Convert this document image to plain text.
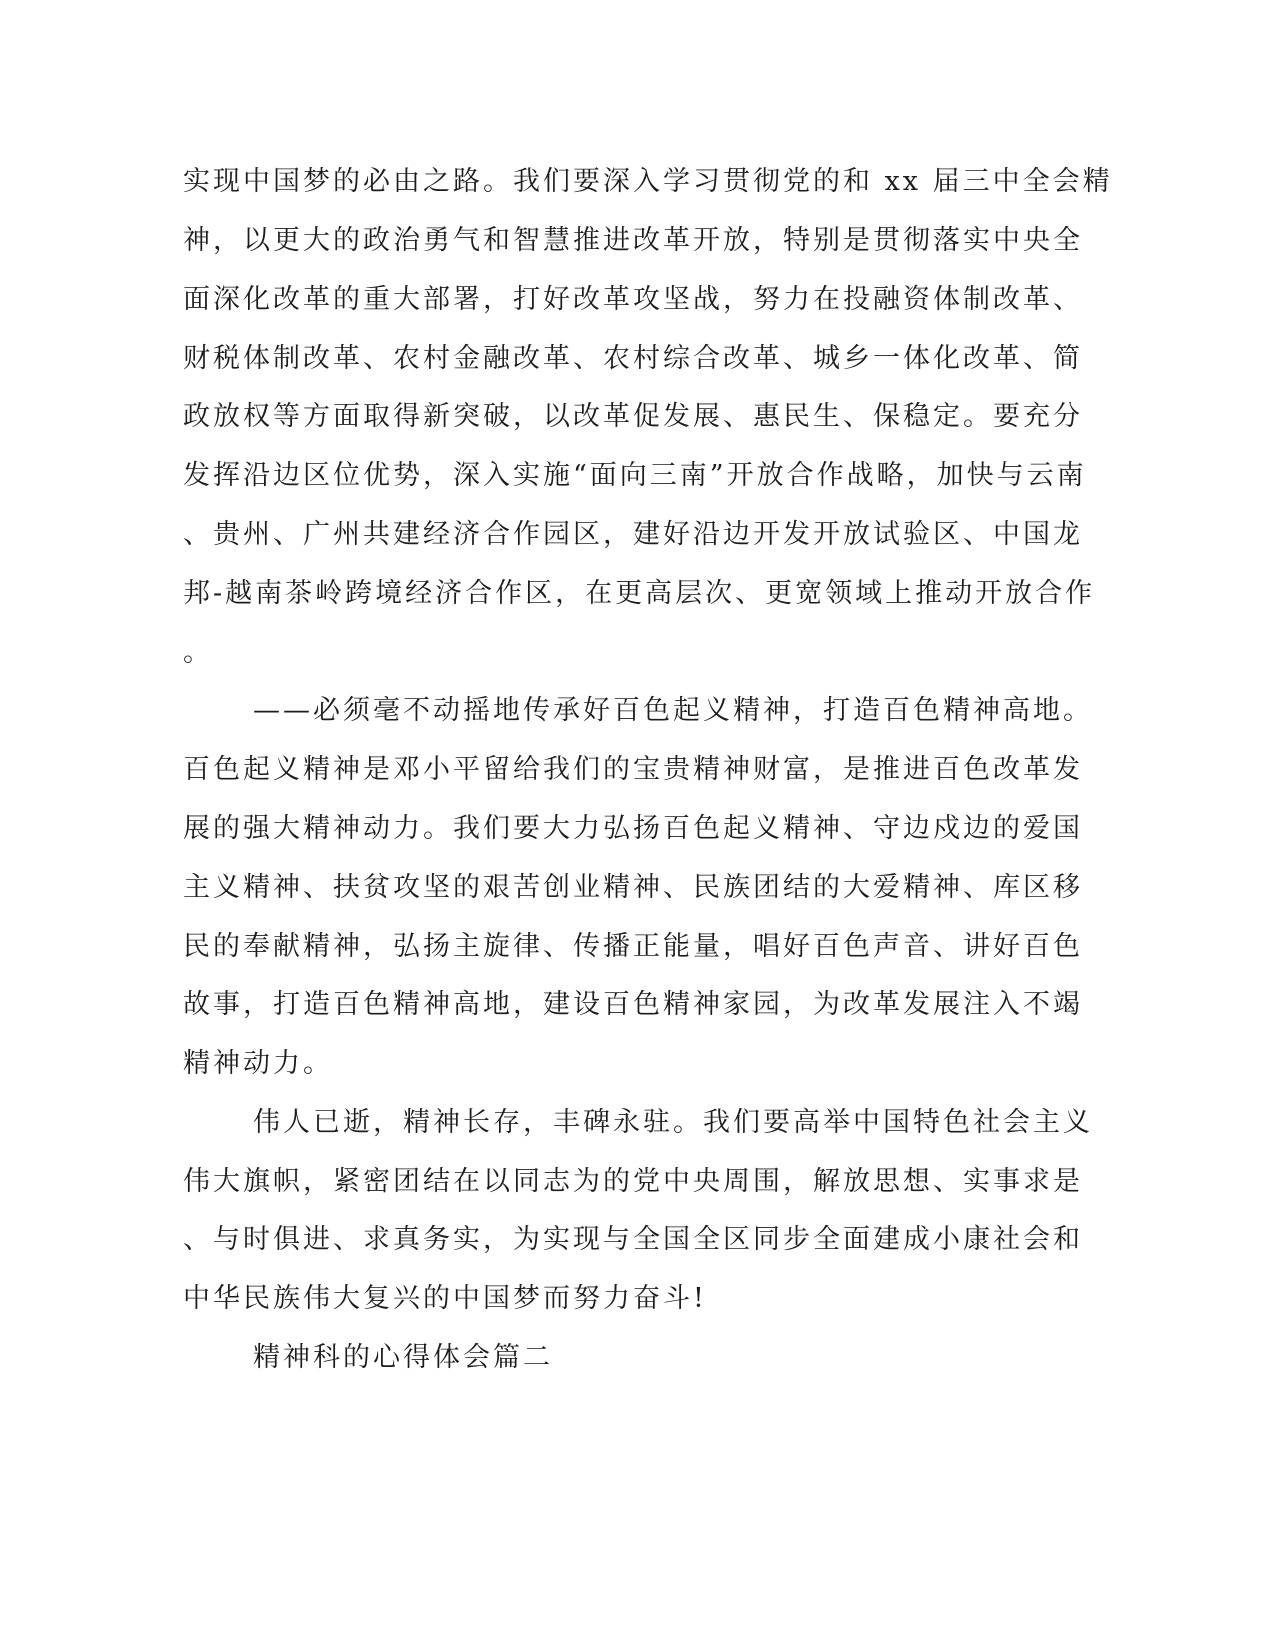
实现中国梦的必由之路。我们要深入学习贯彻党的和 xx 届三中全会精

神，以更大的政治勇气和智慧推进改革开放，特别是贯彻落实中央全

面深化改革的重大部署，打好改革攻坚战，努力在投融资体制改革、

财税体制改革、农村金融改革、农村综合改革、城乡一体化改革、简

政放权等方面取得新突破，以改革促发展、惠民生、保稳定。要充分

发挥沿边区位优势，深入实施“面向三南”开放合作战略，加快与云南

、贵州、广州共建经济合作园区，建好沿边开发开放试验区、中国龙

邦-越南茶岭跨境经济合作区，在更高层次、更宽领域上推动开放合作

。

——必须毫不动摇地传承好百色起义精神，打造百色精神高地。

百色起义精神是邓小平留给我们的宝贵精神财富，是推进百色改革发

展的强大精神动力。我们要大力弘扬百色起义精神、守边戍边的爱国

主义精神、扶贫攻坚的艰苦创业精神、民族团结的大爱精神、库区移

民的奉献精神，弘扬主旋律、传播正能量，唱好百色声音、讲好百色

故事，打造百色精神高地，建设百色精神家园，为改革发展注入不竭

精神动力。

伟人已逝，精神长存，丰碑永驻。我们要高举中国特色社会主义

伟大旗帜，紧密团结在以同志为的党中央周围，解放思想、实事求是

、与时俱进、求真务实，为实现与全国全区同步全面建成小康社会和

中华民族伟大复兴的中国梦而努力奋斗!

精神科的心得体会篇二
